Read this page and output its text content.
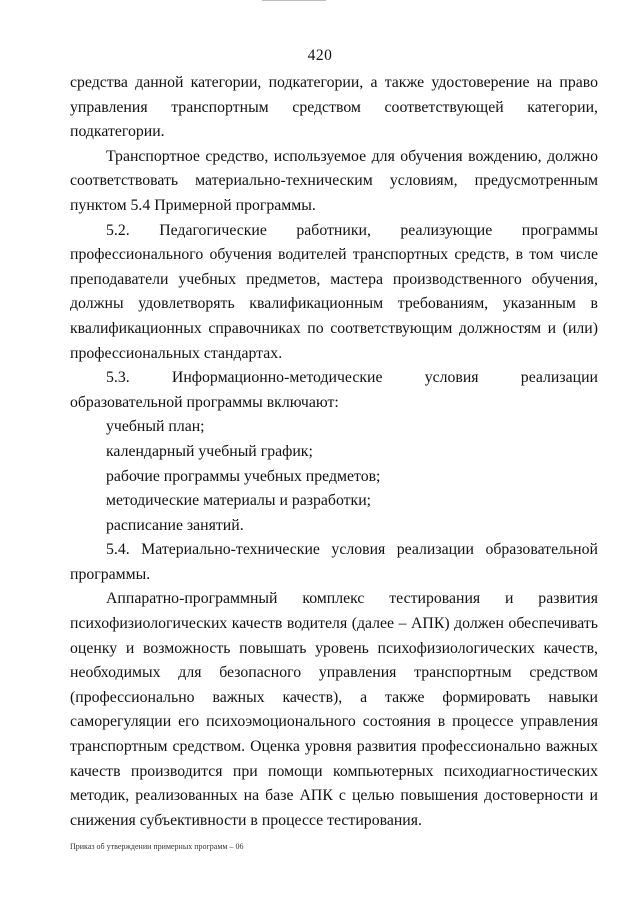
420

средства данной категории, подкатегории, а также удостоверение на право управления транспортным средством соответствующей категории, подкатегории.

Транспортное средство, используемое для обучения вождению, должно соответствовать материально-техническим условиям, предусмотренным пунктом 5.4 Примерной программы.

5.2. Педагогические работники, реализующие программы профессионального обучения водителей транспортных средств, в том числе преподаватели учебных предметов, мастера производственного обучения, должны удовлетворять квалификационным требованиям, указанным в квалификационных справочниках по соответствующим должностям и (или) профессиональных стандартах.

5.3. Информационно-методические условия реализации образовательной программы включают:

учебный план;

календарный учебный график;

рабочие программы учебных предметов;

методические материалы и разработки;

расписание занятий.

5.4. Материально-технические условия реализации образовательной программы.

Аппаратно-программный комплекс тестирования и развития психофизиологических качеств водителя (далее – АПК) должен обеспечивать оценку и возможность повышать уровень психофизиологических качеств, необходимых для безопасного управления транспортным средством (профессионально важных качеств), а также формировать навыки саморегуляции его психоэмоционального состояния в процессе управления транспортным средством. Оценка уровня развития профессионально важных качеств производится при помощи компьютерных психодиагностических методик, реализованных на базе АПК с целью повышения достоверности и снижения субъективности в процессе тестирования.

Приказ об утверждении примерных программ – 06
